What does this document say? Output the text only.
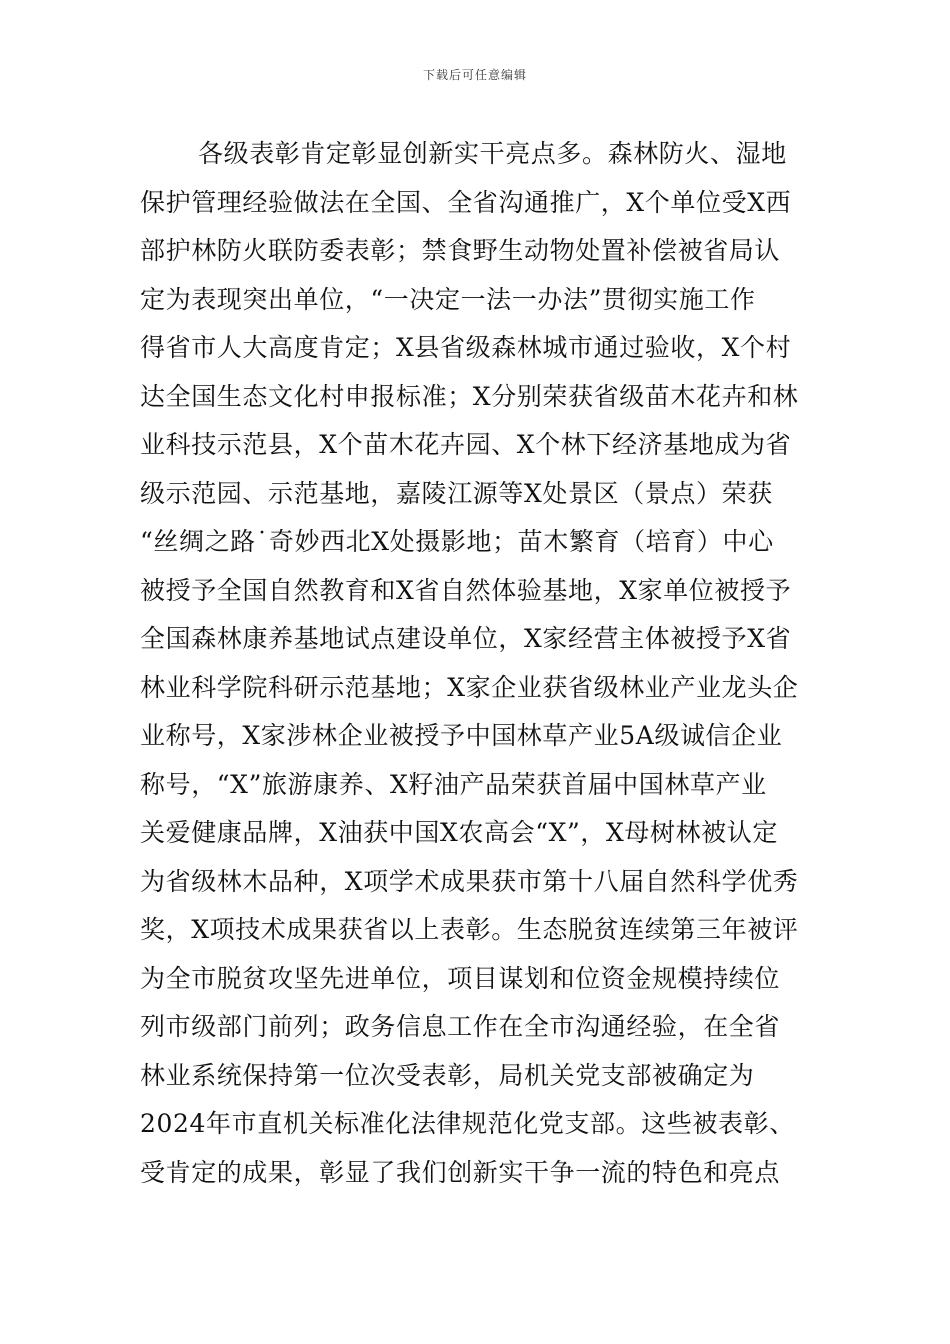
下载后可任意编辑
各级表彰肯定彰显创新实干亮点多。森林防火、湿地
保护管理经验做法在全国、全省沟通推广，X个单位受X西
部护林防火联防委表彰；禁食野生动物处置补偿被省局认
定为表现突出单位，“一决定一法一办法”贯彻实施工作
得省市人大高度肯定；X县省级森林城市通过验收，X个村
达全国生态文化村申报标准；X分别荣获省级苗木花卉和林
业科技示范县，X个苗木花卉园、X个林下经济基地成为省
级示范园、示范基地，嘉陵江源等X处景区（景点）荣获
“丝绸之路˙奇妙西北X处摄影地；苗木繁育（培育）中心
被授予全国自然教育和X省自然体验基地，X家单位被授予
全国森林康养基地试点建设单位，X家经营主体被授予X省
林业科学院科研示范基地；X家企业获省级林业产业龙头企
业称号，X家涉林企业被授予中国林草产业5A级诚信企业
称号，“X”旅游康养、X籽油产品荣获首届中国林草产业
关爱健康品牌，X油获中国X农高会“X”，X母树林被认定
为省级林木品种，X项学术成果获市第十八届自然科学优秀
奖，X项技术成果获省以上表彰。生态脱贫连续第三年被评
为全市脱贫攻坚先进单位，项目谋划和位资金规模持续位
列市级部门前列；政务信息工作在全市沟通经验，在全省
林业系统保持第一位次受表彰，局机关党支部被确定为
2024年市直机关标准化法律规范化党支部。这些被表彰、
受肯定的成果，彰显了我们创新实干争一流的特色和亮点
